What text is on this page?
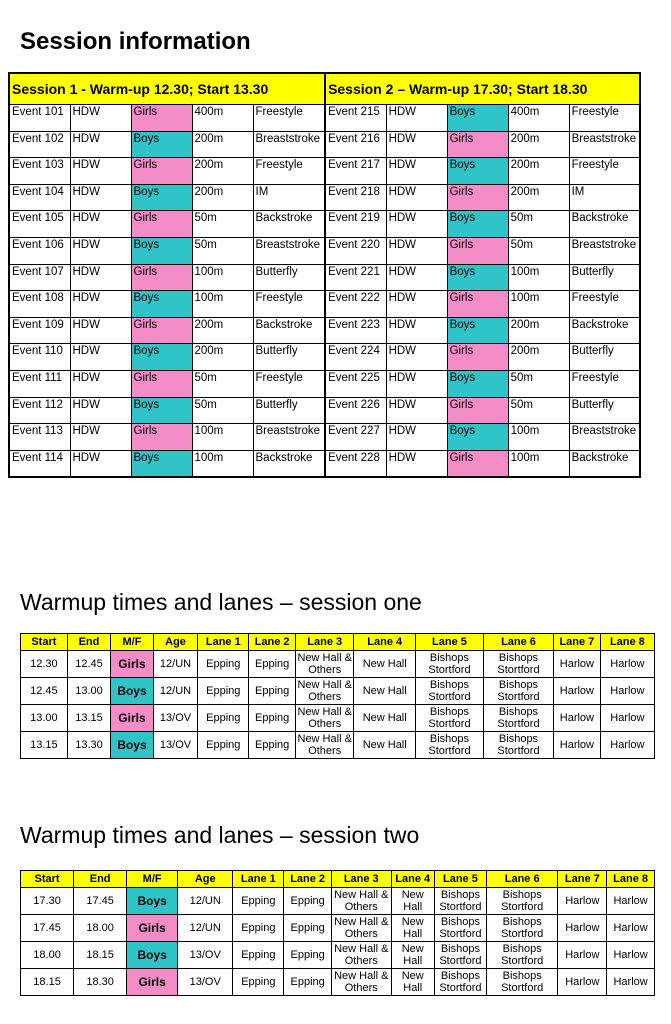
Session information
Session 1 - Warm-up 12.30; Start 13.30					Session 2 – Warm-up 17.30; Start 18.30				
Event 101	HDW	Girls	400m	Freestyle	Event 215	HDW	Boys	400m	Freestyle
Event 102	HDW	Boys	200m	Breaststroke	Event 216	HDW	Girls	200m	Breaststroke
Event 103	HDW	Girls	200m	Freestyle	Event 217	HDW	Boys	200m	Freestyle
Event 104	HDW	Boys	200m	IM	Event 218	HDW	Girls	200m	IM
Event 105	HDW	Girls	50m	Backstroke	Event 219	HDW	Boys	50m	Backstroke
Event 106	HDW	Boys	50m	Breaststroke	Event 220	HDW	Girls	50m	Breaststroke
Event 107	HDW	Girls	100m	Butterfly	Event 221	HDW	Boys	100m	Butterfly
Event 108	HDW	Boys	100m	Freestyle	Event 222	HDW	Girls	100m	Freestyle
Event 109	HDW	Girls	200m	Backstroke	Event 223	HDW	Boys	200m	Backstroke
Event 110	HDW	Boys	200m	Butterfly	Event 224	HDW	Girls	200m	Butterfly
Event 111	HDW	Girls	50m	Freestyle	Event 225	HDW	Boys	50m	Freestyle
Event 112	HDW	Boys	50m	Butterfly	Event 226	HDW	Girls	50m	Butterfly
Event 113	HDW	Girls	100m	Breaststroke	Event 227	HDW	Boys	100m	Breaststroke
Event 114	HDW	Boys	100m	Backstroke	Event 228	HDW	Girls	100m	Backstroke
Warmup times and lanes – session one
Start	End	M/F	Age	Lane 1	Lane 2	Lane 3	Lane 4	Lane 5	Lane 6	Lane 7	Lane 8
12.30	12.45	Girls	12/UN	Epping	Epping	New Hall & Others	New Hall	Bishops Stortford	Bishops Stortford	Harlow	Harlow
12.45	13.00	Boys	12/UN	Epping	Epping	New Hall & Others	New Hall	Bishops Stortford	Bishops Stortford	Harlow	Harlow
13.00	13.15	Girls	13/OV	Epping	Epping	New Hall & Others	New Hall	Bishops Stortford	Bishops Stortford	Harlow	Harlow
13.15	13.30	Boys	13/OV	Epping	Epping	New Hall & Others	New Hall	Bishops Stortford	Bishops Stortford	Harlow	Harlow
Warmup times and lanes – session two
Start	End	M/F	Age	Lane 1	Lane 2	Lane 3	Lane 4	Lane 5	Lane 6	Lane 7	Lane 8
17.30	17.45	Boys	12/UN	Epping	Epping	New Hall & Others	New Hall	Bishops Stortford	Bishops Stortford	Harlow	Harlow
17.45	18.00	Girls	12/UN	Epping	Epping	New Hall & Others	New Hall	Bishops Stortford	Bishops Stortford	Harlow	Harlow
18.00	18.15	Boys	13/OV	Epping	Epping	New Hall & Others	New Hall	Bishops Stortford	Bishops Stortford	Harlow	Harlow
18.15	18.30	Girls	13/OV	Epping	Epping	New Hall & Others	New Hall	Bishops Stortford	Bishops Stortford	Harlow	Harlow
